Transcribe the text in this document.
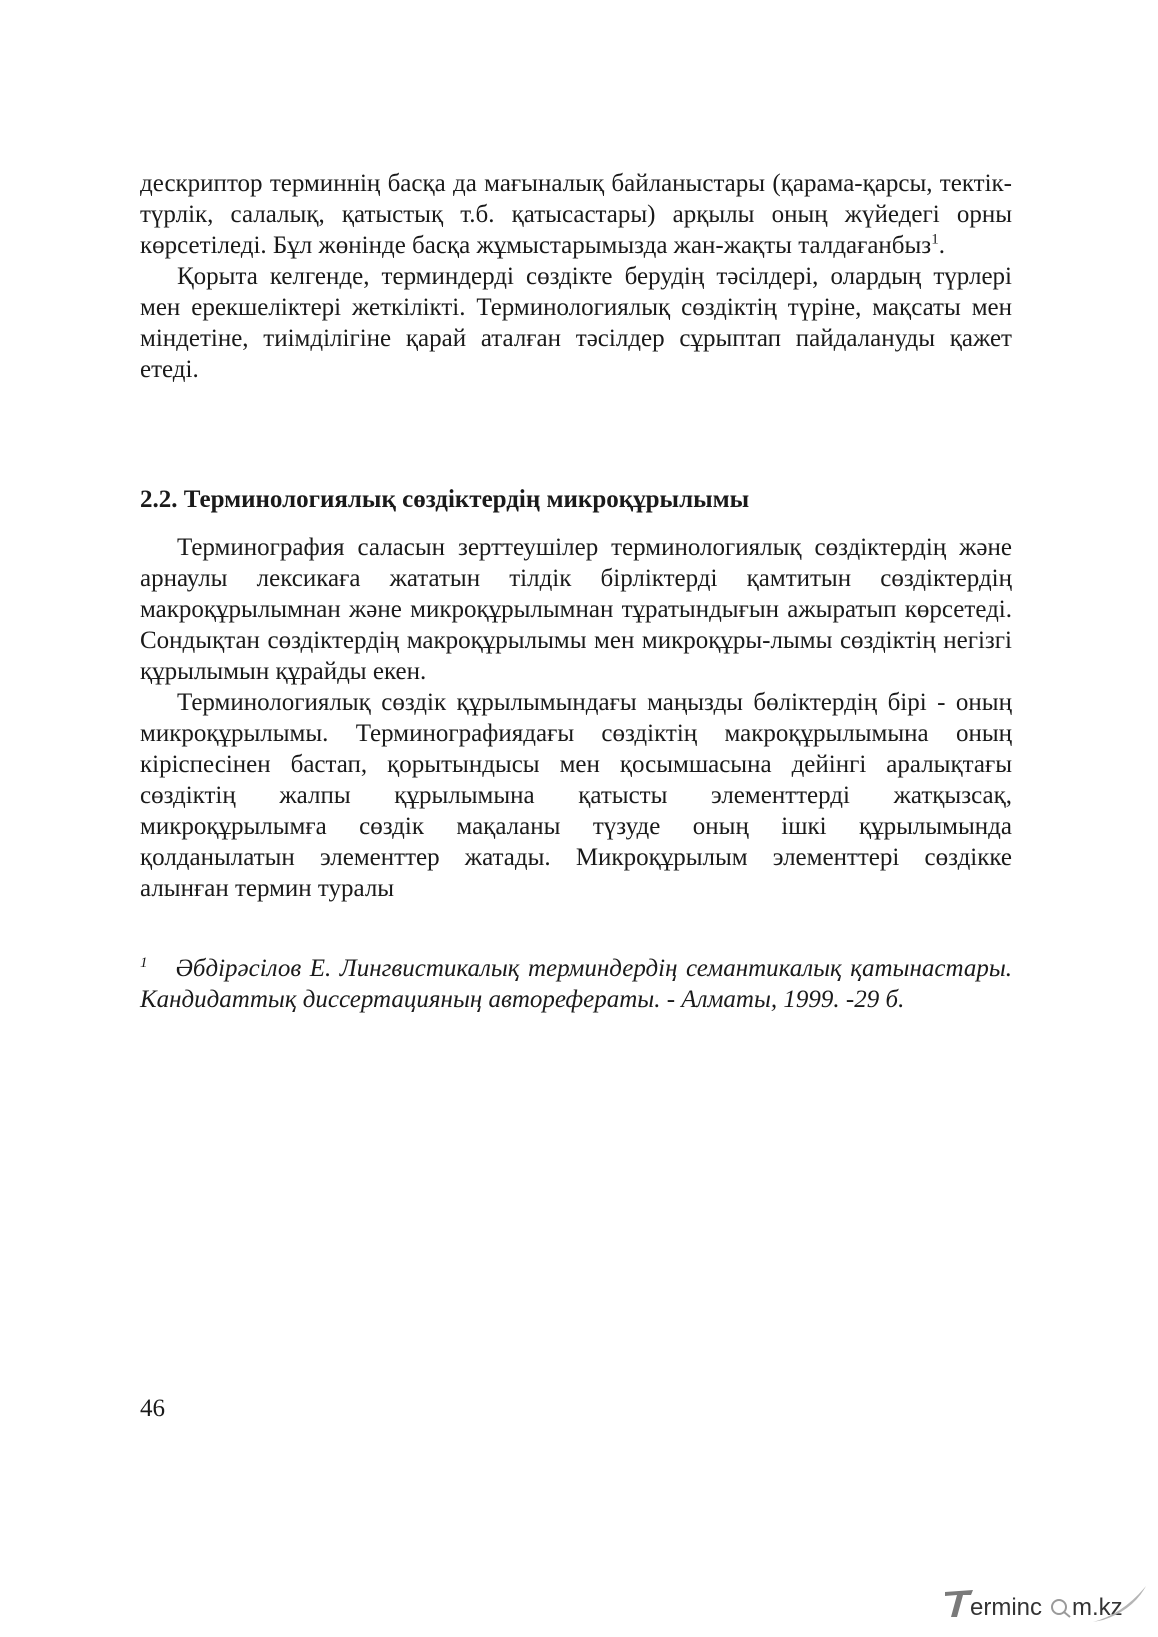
дескриптор терминнің басқа да мағыналық байланыстары (қарама-қарсы, тектік-түрлік, салалық, қатыстық т.б. қатысастары) арқылы оның жүйедегі орны көрсетіледі. Бұл жөнінде басқа жұмыстарымызда жан-жақты талдағанбыз$^1$.

Қорыта келгенде, терминдерді сөздікте берудің тәсілдері, олардың түрлері мен ерекшеліктері жеткілікті. Терминологиялық сөздіктің түріне, мақсаты мен міндетіне, тиімділігіне қарай аталған тәсілдер сұрыптап пайдалануды қажет етеді.

2.2. Терминологиялық сөздіктердің микроқұрылымы

Терминография саласын зерттеушілер терминологиялық сөздіктердің және арнаулы лексикаға жататын тілдік бірліктерді қамтитын сөздіктердің макроқұрылымнан және микроқұрылымнан тұратындығын ажыратып көрсетеді. Сондықтан сөздіктердің макроқұрылымы мен микроқұры-лымы сөздіктің негізгі құрылымын құрайды екен.

Терминологиялық сөздік құрылымындағы маңызды бөліктердің бірі - оның микроқұрылымы. Терминографиядағы сөздіктің макроқұрылымына оның кіріспесінен бастап, қорытындысы мен қосымшасына дейінгі аралықтағы сөздіктің жалпы құрылымына қатысты элементтерді жатқызсақ, микроқұрылымға сөздік мақаланы түзуде оның ішкі құрылымында қолданылатын элементтер жатады. Микроқұрылым элементтері сөздікке алынған термин туралы

$^1$ Әбдірәсілов Е. Лингвистикалық терминдердің семантикалық қатынастары. Кандидаттық диссертацияның авторефераты. - Алматы, 1999. -29 б.

46

erminc m.kz
